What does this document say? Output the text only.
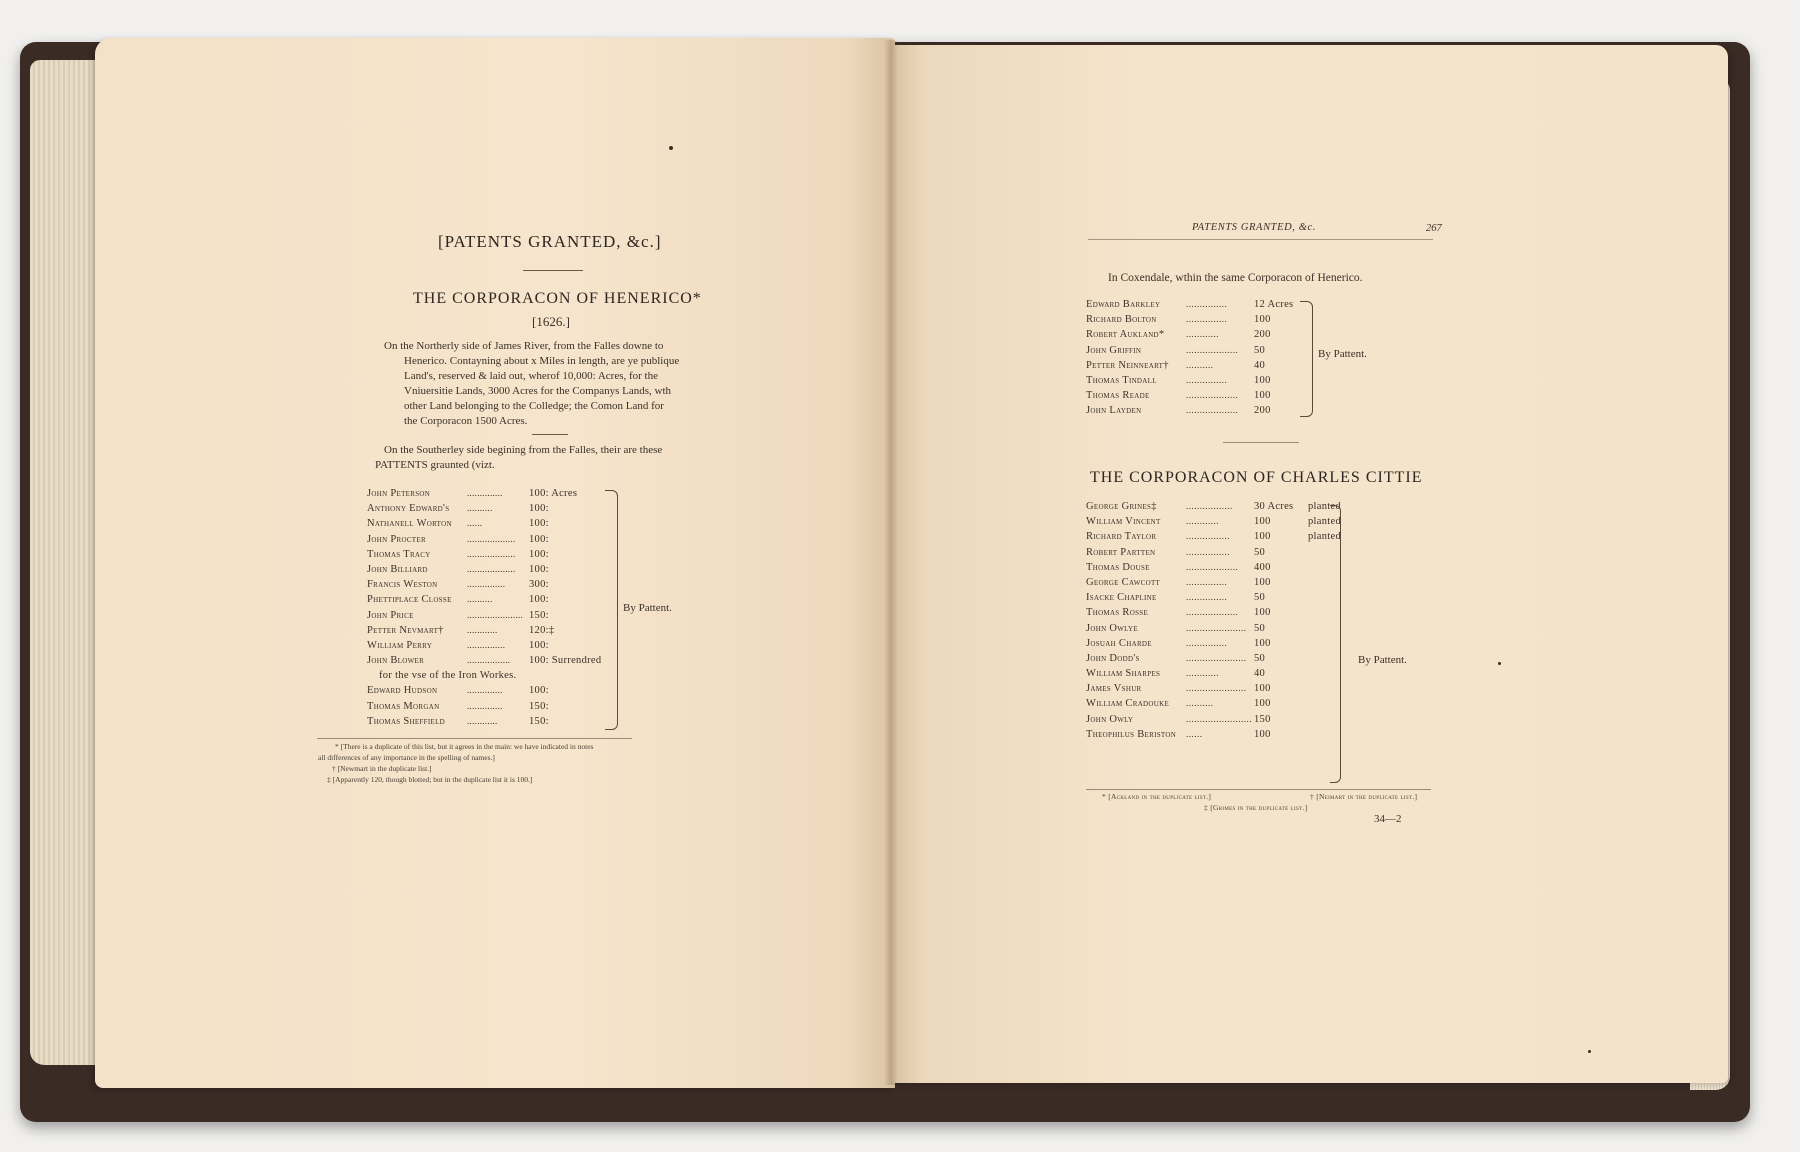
[PATENTS GRANTED, &c.]
THE CORPORACON OF HENERICO*
[1626.]
On the Northerly side of James River, from the Falles downe to
Henerico. Contayning about x Miles in length, are ye publique
Land's, reserved & laid out, wherof 10,000: Acres, for the
Vniuersitie Lands, 3000 Acres for the Companys Lands, wth
other Land belonging to the Colledge; the Comon Land for
the Corporacon 1500 Acres.
On the Southerley side begining from the Falles, their are these
PATTENTS graunted (vizt.
John Peterson	..............	100: Acres
Anthony Edward's ..........	100:
Nathanell Worton ......	100:
John Procter	................... 100:
Thomas Tracy	................... 100:
John Billiard	................... 100:
Francis Weston	............... 300:
Phettiplace Closse ..........	100:
John Price	...................... 150:
Petter Nevmart†	............	120:‡
William Perry	............... 100:
John Blower	................. 100: Surrendred
for the vse of the Iron Workes.
Edward Hudson	..............	100:
Thomas Morgan	..............	150:
Thomas Sheffield ............	150:
By Pattent.
* [There is a duplicate of this list, but it agrees in the main: we have indicated in notes
all differences of any importance in the spelling of names.]
† [Newmart in the duplicate list.]
‡ [Apparently 120, though blotted; but in the duplicate list it is 100.]
PATENTS GRANTED, &c.	267
In Coxendale, wthin the same Corporacon of Henerico.
Edward Barkley	...............	12 Acres
Richard Bolton	...............	100
Robert Aukland* ............	200
John Griffin	................... 50
Petter Neinneart† ..........	40
Thomas Tindall	...............	100
Thomas Reade	................... 100
John Layden	................... 200
By Pattent.
THE CORPORACON OF CHARLES CITTIE
George Grines‡	................. 30 Acres planted
William Vincent	............	100	planted
Richard Taylor	................ 100	planted
Robert Partten	................ 50
Thomas Douse	................... 400
George Cawcott	...............	100
Isacke Chapline	...............	50
Thomas Rosse	................... 100
John Owlye	...................... 50
Josuah Charde	...............	100
John Dodd's	...................... 50
William Sharpes	............	40
James Vshur	...................... 100
William Cradouke ..........	100
John Owly	........................ 150
Theophilus Beriston ......	100
By Pattent.
* [Ackland in the duplicate list.]	† [Neimart in the duplicate list.]
‡ [Grimes in the duplicate list.]
34—2
